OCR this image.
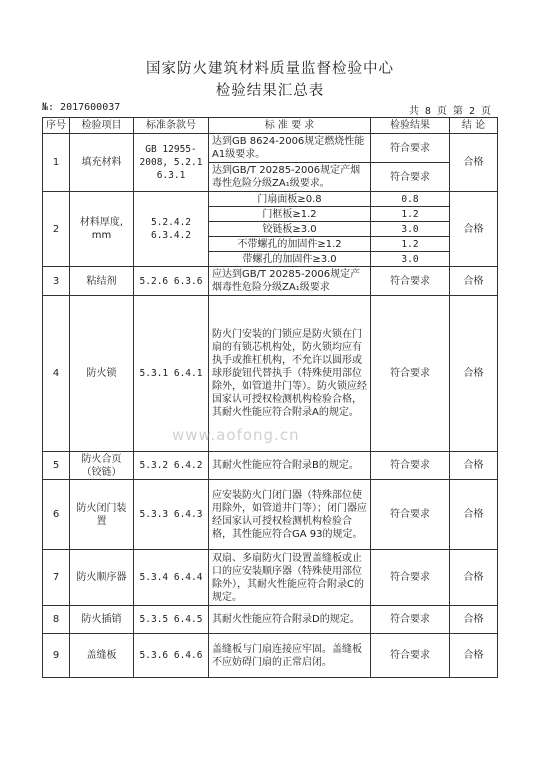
国家防火建筑材料质量监督检验中心
检验结果汇总表
№: 2017600037	共 8 页 第 2 页
序号	检验项目	标准条款号	标 准 要 求	检验结果	结 论
1	填充材料	GB 12955-2008, 5.2.1 6.3.1	达到GB 8624-2006规定燃烧性能A1级要求。	符合要求	合格
			达到GB/T 20285-2006规定产烟毒性危险分级ZA₁级要求。	符合要求	
2	材料厚度, mm	5.2.4.2 6.3.4.2	门扇面板≥0.8	0.8	合格
			门框板≥1.2	1.2	
			铰链板≥3.0	3.0	
			不带螺孔的加固件≥1.2	1.2	
			带螺孔的加固件≥3.0	3.0	
3	粘结剂	5.2.6 6.3.6	应达到GB/T 20285-2006规定产烟毒性危险分级ZA₁级要求	符合要求	合格
4	防火锁	5.3.1 6.4.1	防火门安装的门锁应是防火锁在门扇的有锁芯机构处，防火锁均应有执手或推杠机构，不允许以圆形或球形旋钮代替执手（特殊使用部位除外，如管道井门等）。防火锁应经国家认可授权检测机构检验合格，其耐火性能应符合附录A的规定。	符合要求	合格
5	防火合页（铰链）	5.3.2 6.4.2	其耐火性能应符合附录B的规定。	符合要求	合格
6	防火闭门装置	5.3.3 6.4.3	应安装防火门闭门器（特殊部位使用除外，如管道井门等）；闭门器应经国家认可授权检测机构检验合格，其性能应符合GA 93的规定。	符合要求	合格
7	防火顺序器	5.3.4 6.4.4	双扇、多扇防火门设置盖缝板或止口的应安装顺序器（特殊使用部位除外），其耐火性能应符合附录C的规定。	符合要求	合格
8	防火插销	5.3.5 6.4.5	其耐火性能应符合附录D的规定。	符合要求	合格
9	盖缝板	5.3.6 6.4.6	盖缝板与门扇连接应牢固。盖缝板不应妨碍门扇的正常启闭。	符合要求	合格
www.aofong.cn
